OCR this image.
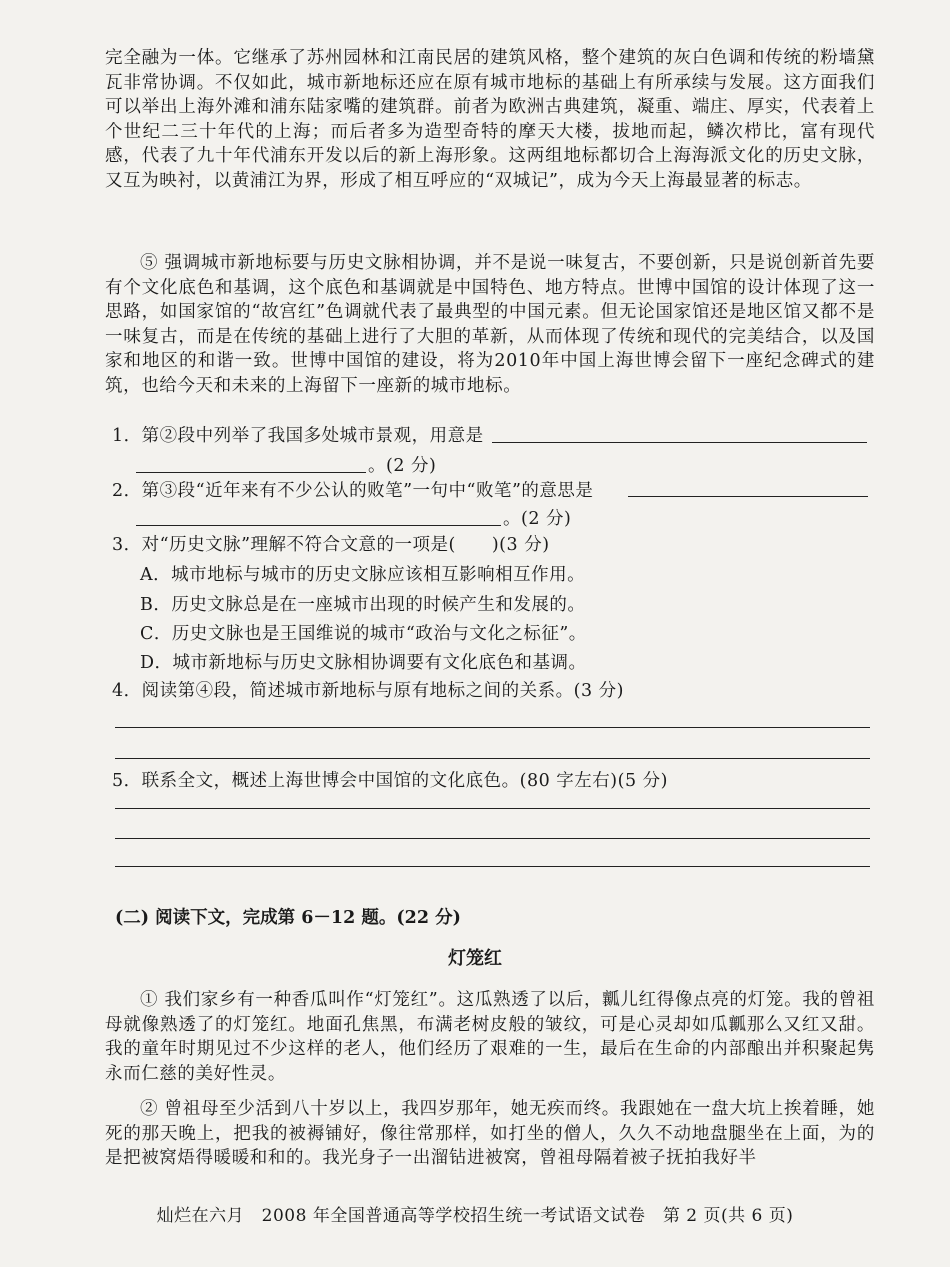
完全融为一体。它继承了苏州园林和江南民居的建筑风格，整个建筑的灰白色调和传统的粉墙黛瓦非常协调。不仅如此，城市新地标还应在原有城市地标的基础上有所承续与发展。这方面我们可以举出上海外滩和浦东陆家嘴的建筑群。前者为欧洲古典建筑，凝重、端庄、厚实，代表着上个世纪二三十年代的上海；而后者多为造型奇特的摩天大楼，拔地而起，鳞次栉比，富有现代感，代表了九十年代浦东开发以后的新上海形象。这两组地标都切合上海海派文化的历史文脉，又互为映衬，以黄浦江为界，形成了相互呼应的“双城记”，成为今天上海最显著的标志。
⑤ 强调城市新地标要与历史文脉相协调，并不是说一味复古，不要创新，只是说创新首先要有个文化底色和基调，这个底色和基调就是中国特色、地方特点。世博中国馆的设计体现了这一思路，如国家馆的“故宫红”色调就代表了最典型的中国元素。但无论国家馆还是地区馆又都不是一味复古，而是在传统的基础上进行了大胆的革新，从而体现了传统和现代的完美结合，以及国家和地区的和谐一致。世博中国馆的建设，将为2010年中国上海世博会留下一座纪念碑式的建筑，也给今天和未来的上海留下一座新的城市地标。
1．第②段中列举了我国多处城市景观，用意是
。(2 分)
2．第③段“近年来有不少公认的败笔”一句中“败笔”的意思是
。(2 分)
3．对“历史文脉”理解不符合文意的一项是(　　)(3 分)
A．城市地标与城市的历史文脉应该相互影响相互作用。
B．历史文脉总是在一座城市出现的时候产生和发展的。
C．历史文脉也是王国维说的城市“政治与文化之标征”。
D．城市新地标与历史文脉相协调要有文化底色和基调。
4．阅读第④段，简述城市新地标与原有地标之间的关系。(3 分)
5．联系全文，概述上海世博会中国馆的文化底色。(80 字左右)(5 分)
(二) 阅读下文，完成第 6－12 题。(22 分)
灯笼红
① 我们家乡有一种香瓜叫作“灯笼红”。这瓜熟透了以后，瓤儿红得像点亮的灯笼。我的曾祖母就像熟透了的灯笼红。地面孔焦黑，布满老树皮般的皱纹，可是心灵却如瓜瓤那么又红又甜。我的童年时期见过不少这样的老人，他们经历了艰难的一生，最后在生命的内部酿出并积聚起隽永而仁慈的美好性灵。
② 曾祖母至少活到八十岁以上，我四岁那年，她无疾而终。我跟她在一盘大坑上挨着睡，她死的那天晚上，把我的被褥铺好，像往常那样，如打坐的僧人，久久不动地盘腿坐在上面，为的是把被窝焐得暖暖和和的。我光身子一出溜钻进被窝，曾祖母隔着被子抚拍我好半
灿烂在六月　2008 年全国普通高等学校招生统一考试语文试卷　第 2 页(共 6 页)
